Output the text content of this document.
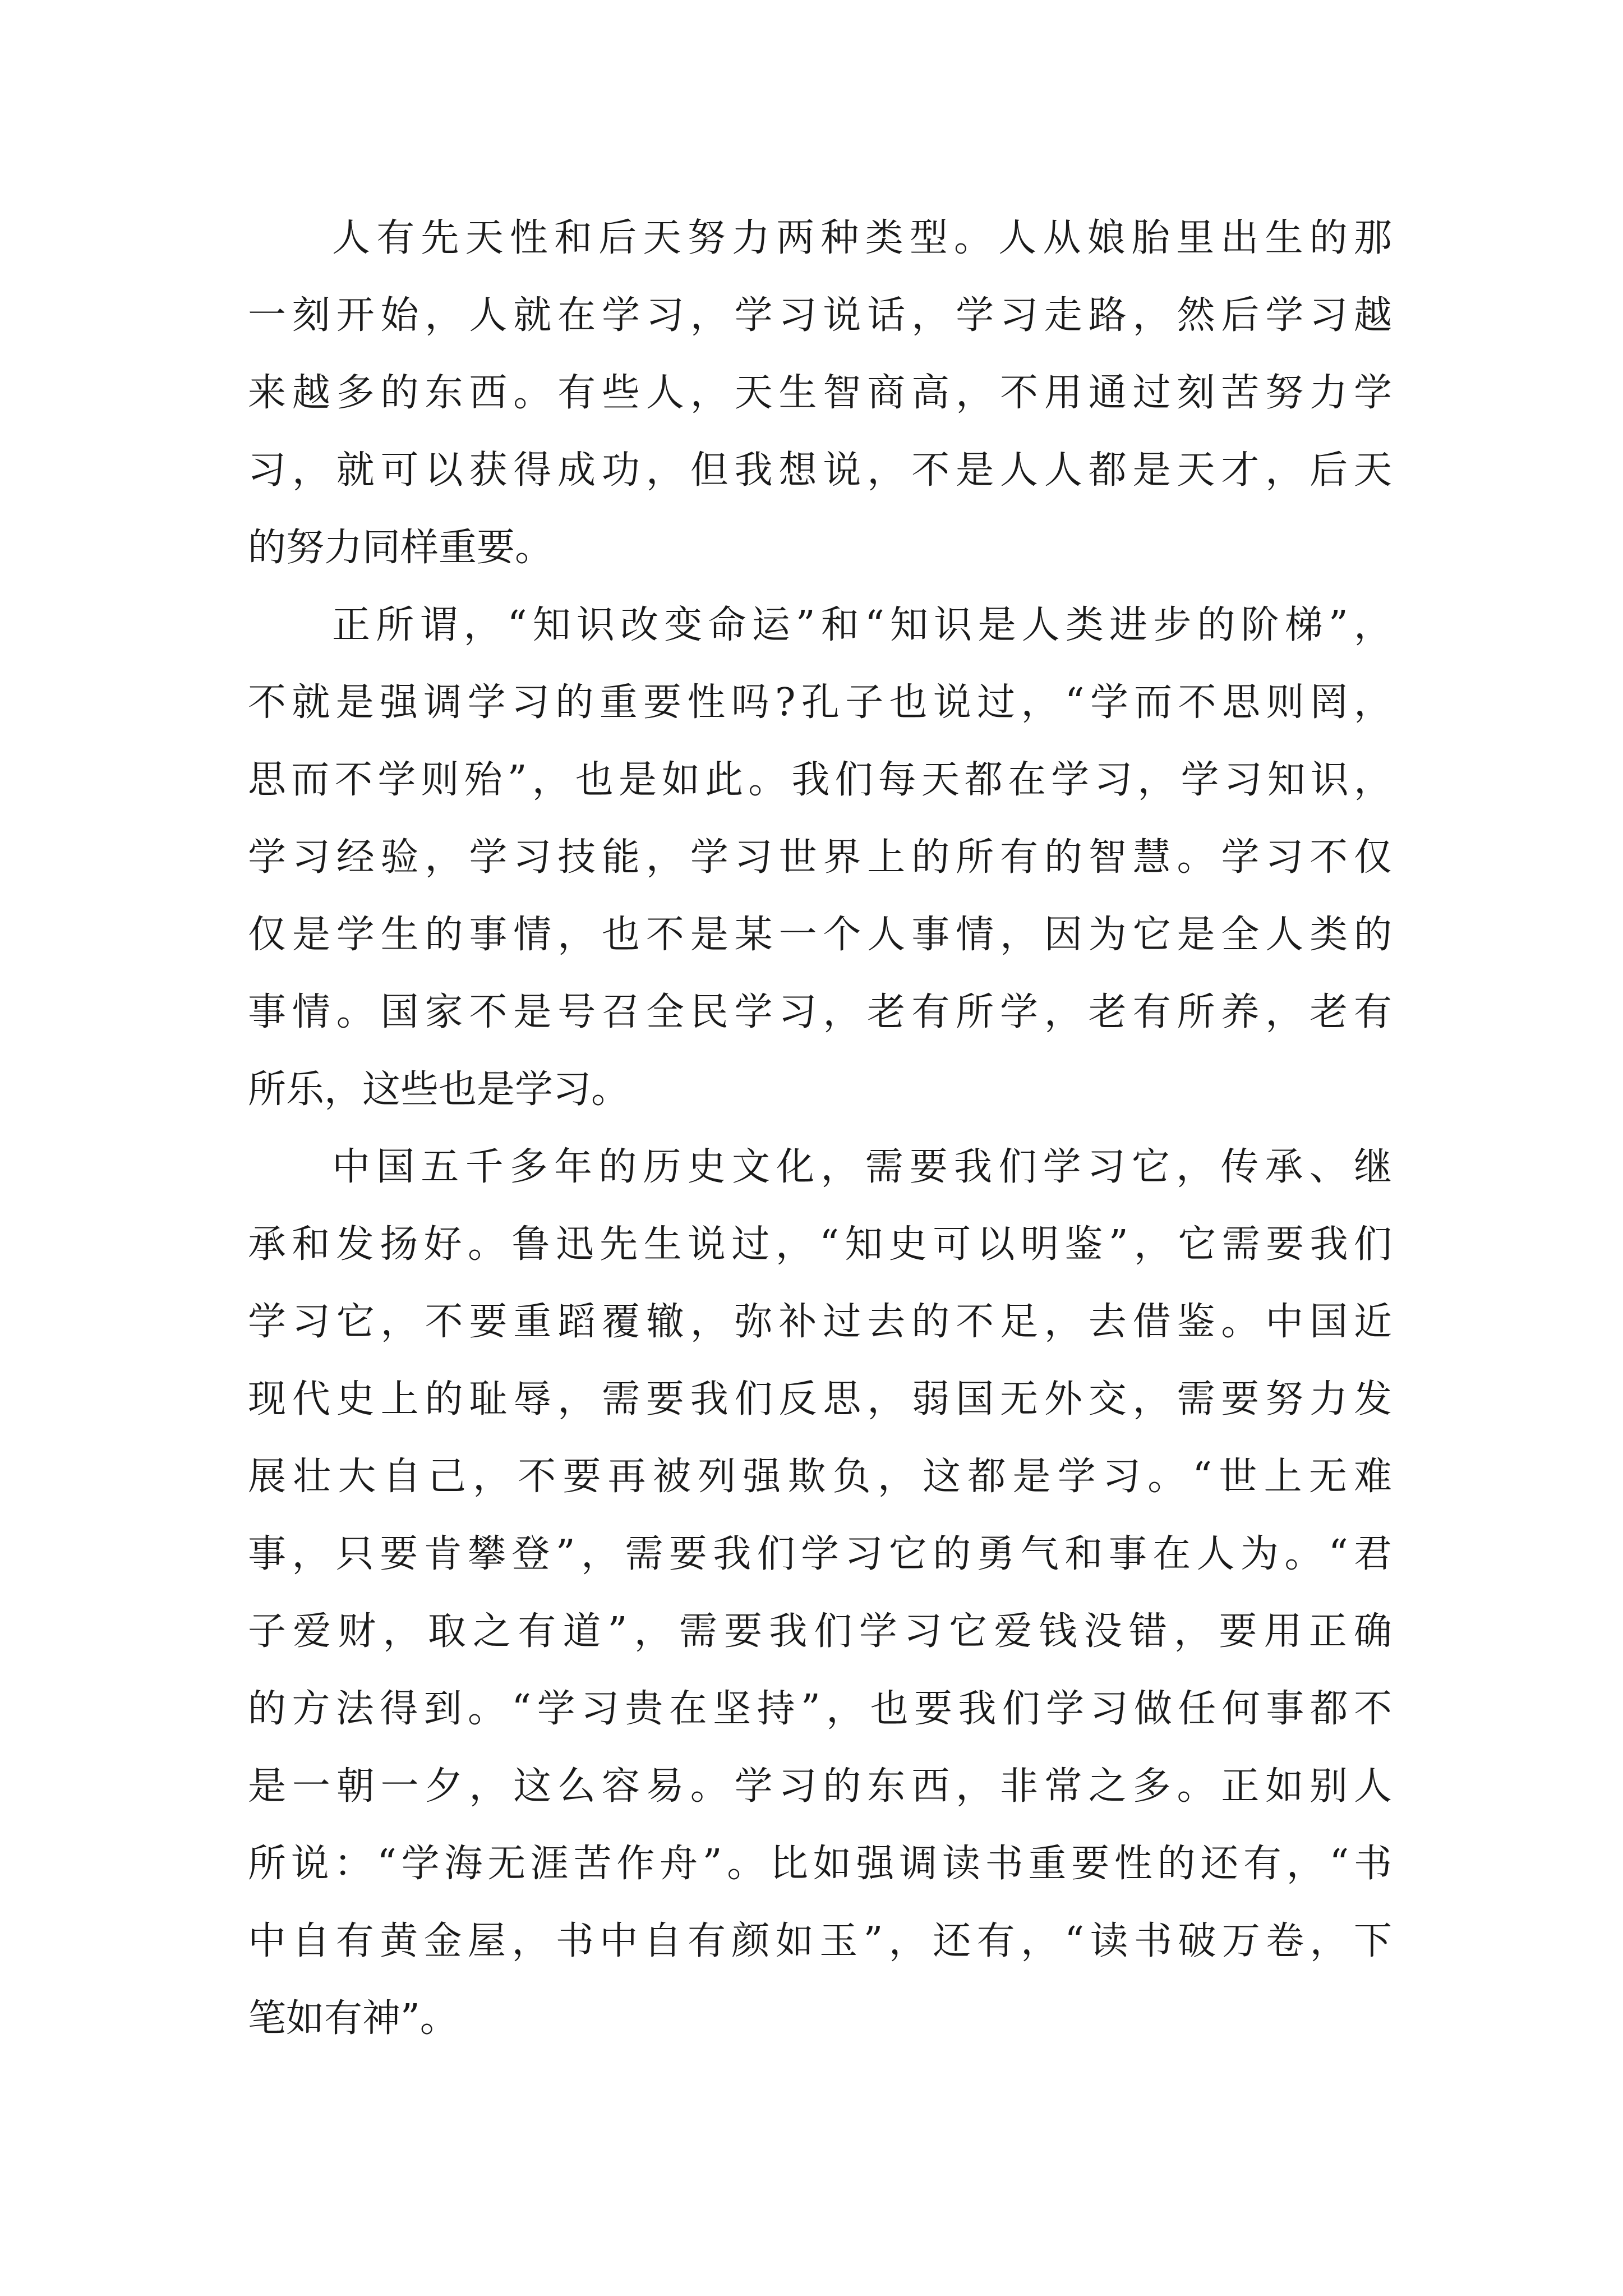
人有先天性和后天努力两种类型。人从娘胎里出生的那
一刻开始，人就在学习，学习说话，学习走路，然后学习越
来越多的东西。有些人，天生智商高，不用通过刻苦努力学
习，就可以获得成功，但我想说，不是人人都是天才，后天
的努力同样重要。
正所谓，“知识改变命运”和“知识是人类进步的阶梯”，
不就是强调学习的重要性吗?孔子也说过，“学而不思则罔，
思而不学则殆”，也是如此。我们每天都在学习，学习知识，
学习经验，学习技能，学习世界上的所有的智慧。学习不仅
仅是学生的事情，也不是某一个人事情，因为它是全人类的
事情。国家不是号召全民学习，老有所学，老有所养，老有
所乐，这些也是学习。
中国五千多年的历史文化，需要我们学习它，传承、继
承和发扬好。鲁迅先生说过，“知史可以明鉴”，它需要我们
学习它，不要重蹈覆辙，弥补过去的不足，去借鉴。中国近
现代史上的耻辱，需要我们反思，弱国无外交，需要努力发
展壮大自己，不要再被列强欺负，这都是学习。“世上无难
事，只要肯攀登”，需要我们学习它的勇气和事在人为。“君
子爱财，取之有道”，需要我们学习它爱钱没错，要用正确
的方法得到。“学习贵在坚持”，也要我们学习做任何事都不
是一朝一夕，这么容易。学习的东西，非常之多。正如别人
所说：“学海无涯苦作舟”。比如强调读书重要性的还有，“书
中自有黄金屋，书中自有颜如玉”，还有，“读书破万卷，下
笔如有神”。
